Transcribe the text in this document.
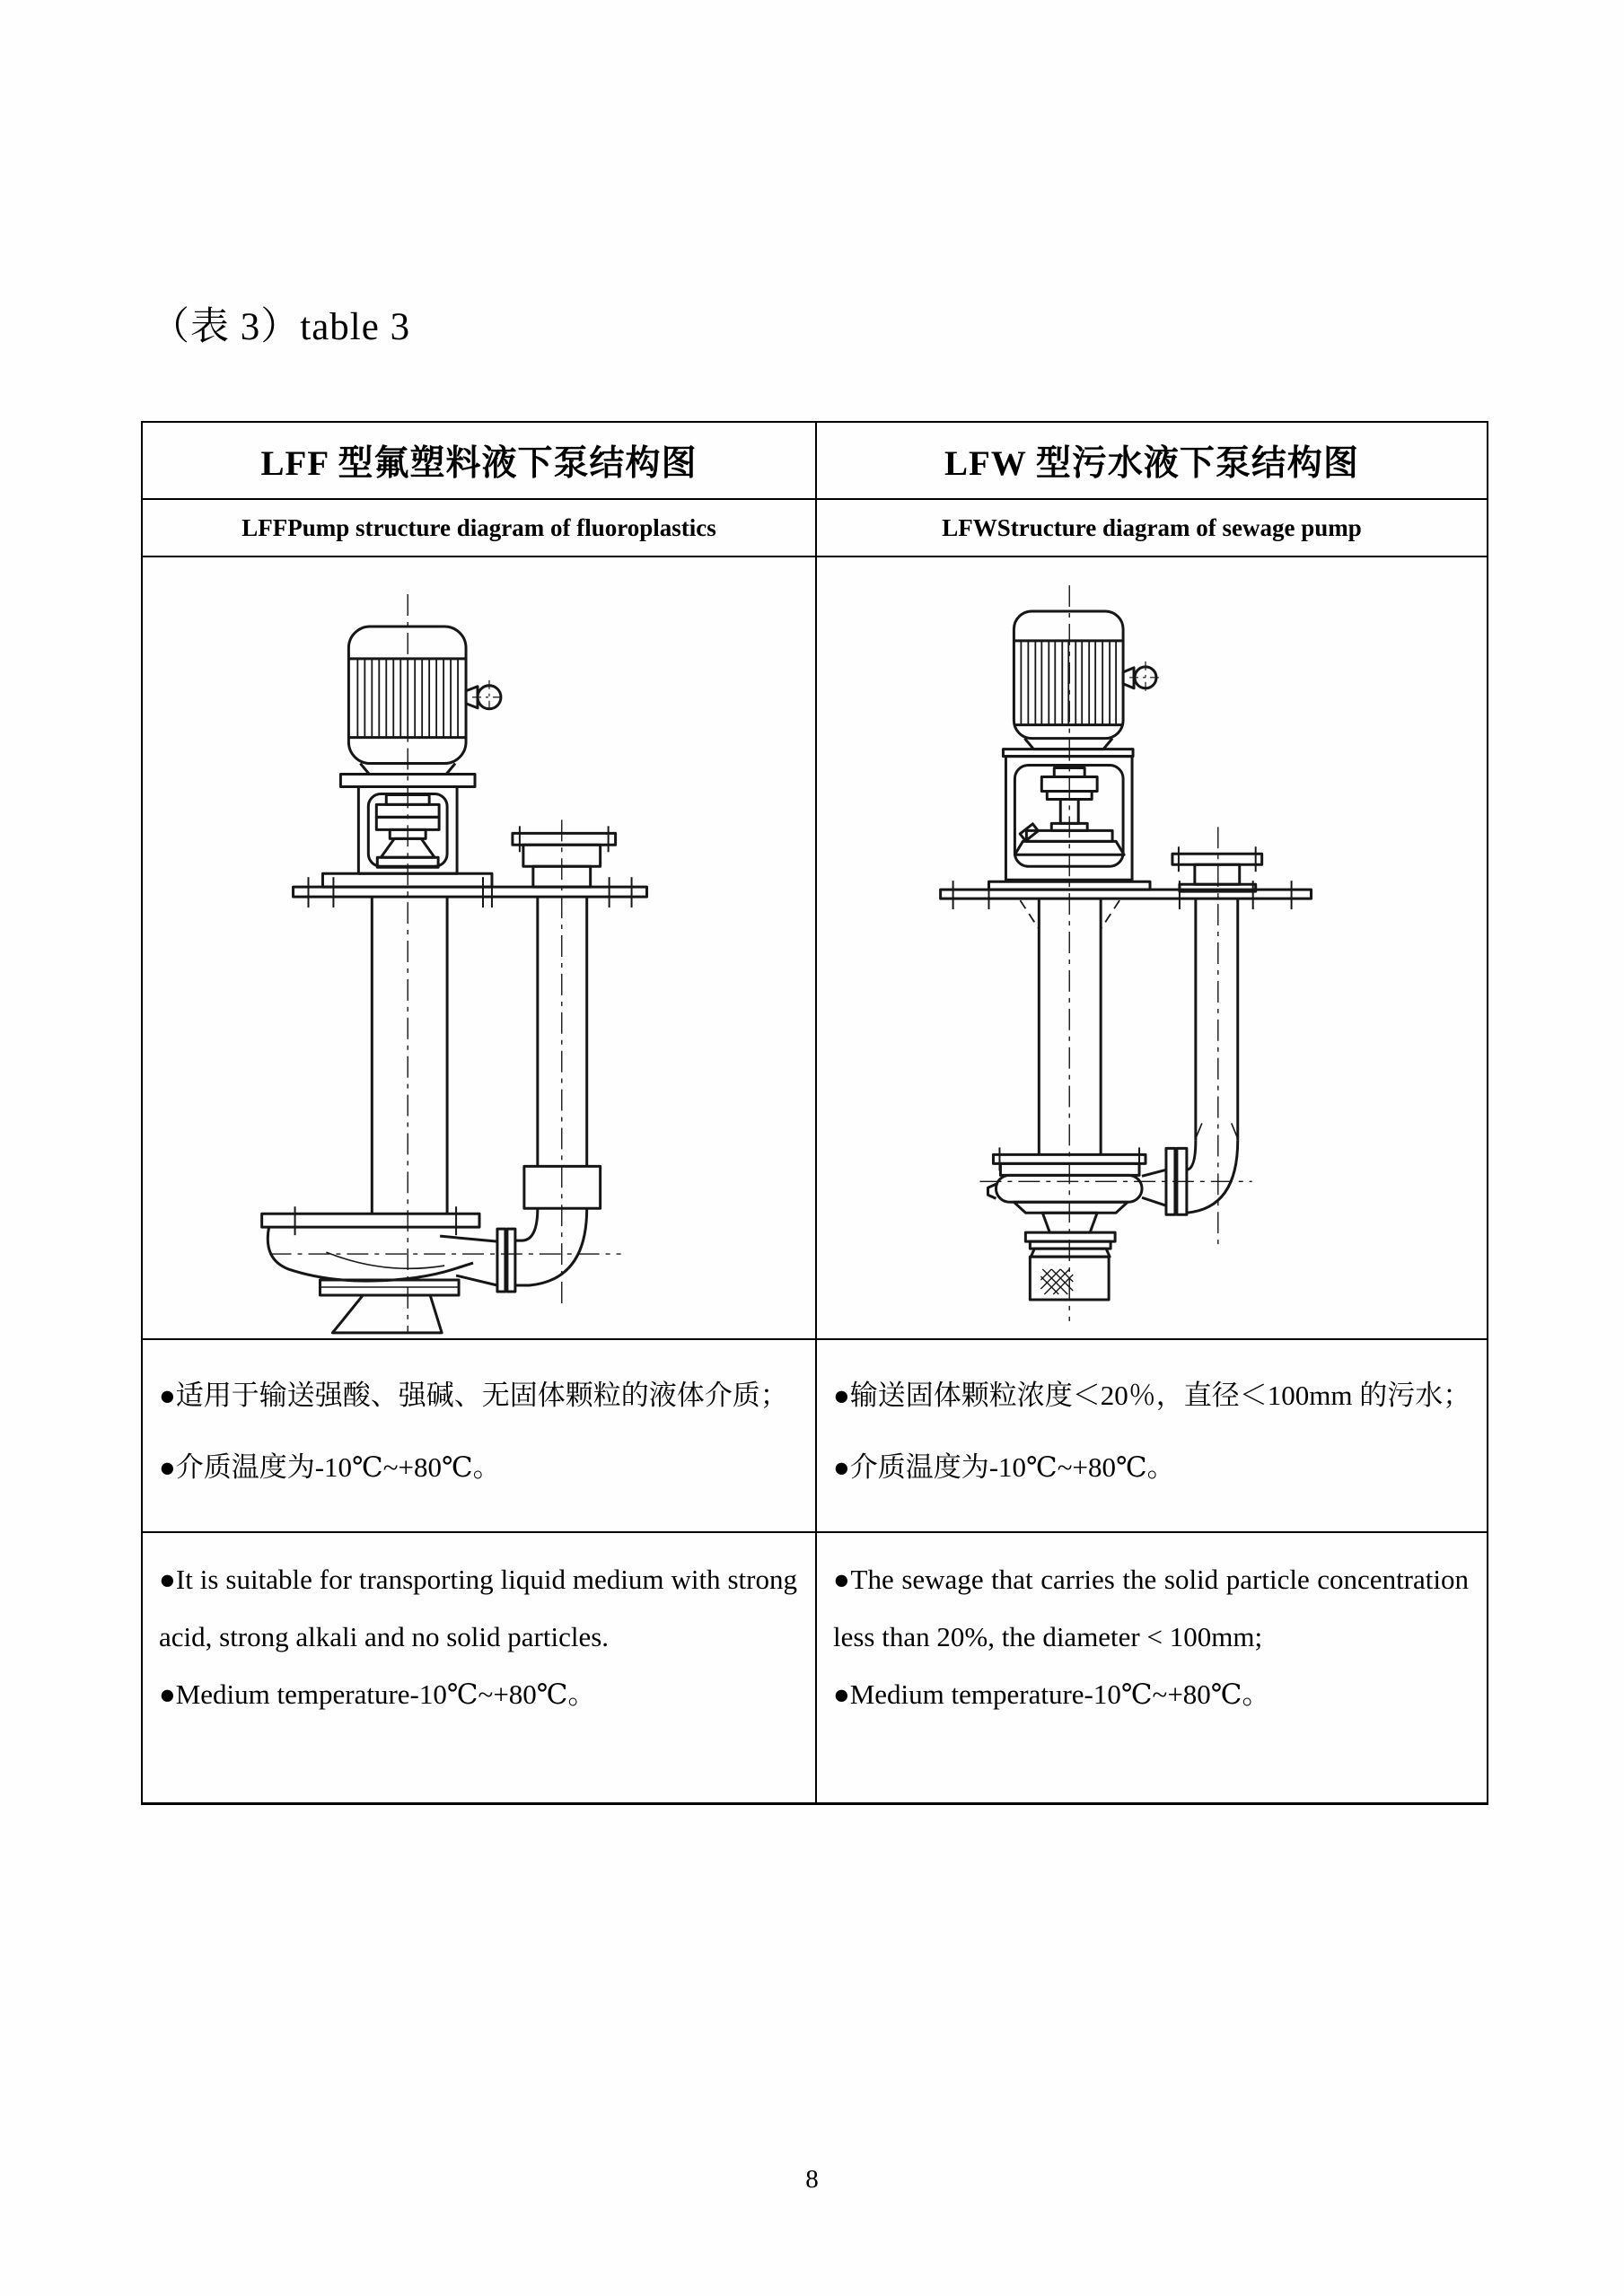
（表 3）table 3
LFF 型氟塑料液下泵结构图	LFW 型污水液下泵结构图
LFFPump structure diagram of fluoroplastics	LFWStructure diagram of sewage pump
●适用于输送强酸、强碱、无固体颗粒的液体介质；
●介质温度为-10℃~+80℃。
●输送固体颗粒浓度＜20％，直径＜100mm 的污水；
●介质温度为-10℃~+80℃。

●It is suitable for transporting liquid medium with strong acid, strong alkali and no solid particles.

●Medium temperature-10℃~+80℃。

●The sewage that carries the solid particle concentration less than 20%, the diameter < 100mm;

●Medium temperature-10℃~+80℃。

8
